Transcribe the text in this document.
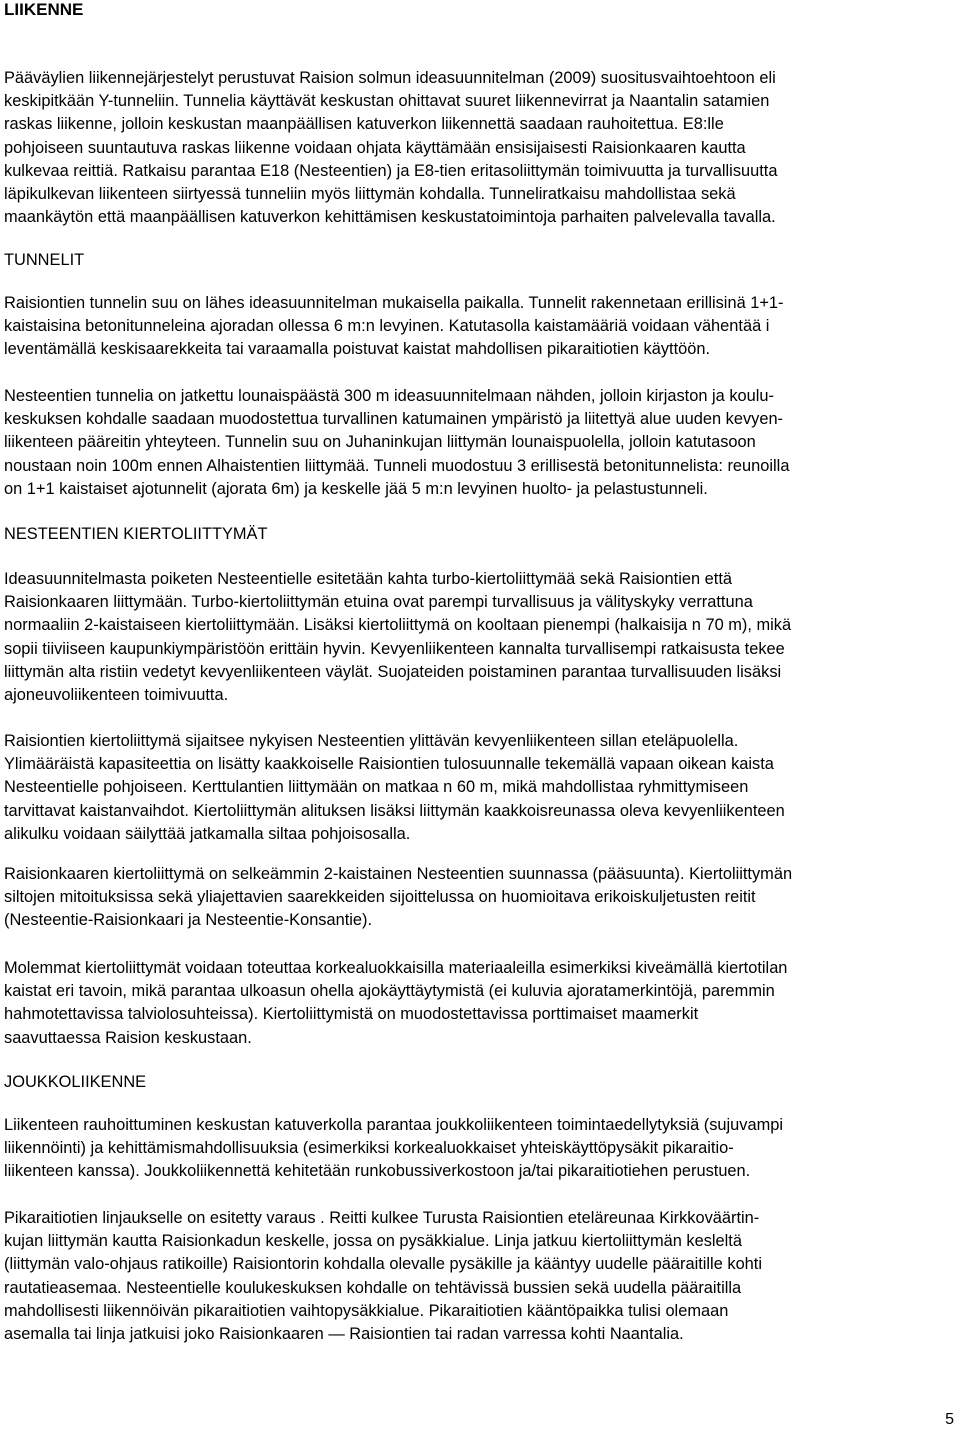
LIIKENNE
Pääväylien liikennejärjestelyt perustuvat Raision solmun ideasuunnitelman (2009) suositusvaihtoehtoon eli
keskipitkään Y-tunneliin. Tunnelia käyttävät keskustan ohittavat suuret liikennevirrat ja Naantalin satamien
raskas liikenne, jolloin keskustan maanpäällisen katuverkon liikennettä saadaan rauhoitettua. E8:lle
pohjoiseen suuntautuva raskas liikenne voidaan ohjata käyttämään ensisijaisesti Raisionkaaren kautta
kulkevaa reittiä. Ratkaisu parantaa E18 (Nesteentien) ja E8-tien eritasoliittymän toimivuutta ja turvallisuutta
läpikulkevan liikenteen siirtyessä tunneliin myös liittymän kohdalla. Tunneliratkaisu mahdollistaa sekä
maankäytön että maanpäällisen katuverkon kehittämisen keskustatoimintoja parhaiten palvelevalla tavalla.
TUNNELIT
Raisiontien tunnelin suu on lähes ideasuunnitelman mukaisella paikalla. Tunnelit rakennetaan erillisinä 1+1-
kaistaisina betonitunneleina ajoradan ollessa 6 m:n levyinen. Katutasolla kaistamääriä voidaan vähentää i
leventämällä keskisaarekkeita tai varaamalla poistuvat kaistat mahdollisen pikaraitiotien käyttöön.
Nesteentien tunnelia on jatkettu lounaispäästä 300 m ideasuunnitelmaan nähden, jolloin kirjaston ja koulu-
keskuksen kohdalle saadaan muodostettua turvallinen katumainen ympäristö ja liitettyä alue uuden kevyen-
liikenteen pääreitin yhteyteen. Tunnelin suu on Juhaninkujan liittymän lounaispuolella, jolloin katutasoon
noustaan noin 100m ennen Alhaistentien liittymää. Tunneli muodostuu 3 erillisestä betonitunnelista: reunoilla
on 1+1 kaistaiset ajotunnelit (ajorata 6m) ja keskelle jää 5 m:n levyinen huolto- ja pelastustunneli.
NESTEENTIEN KIERTOLIITTYMÄT
Ideasuunnitelmasta poiketen Nesteentielle esitetään kahta turbo-kiertoliittymää sekä Raisiontien että
Raisionkaaren liittymään. Turbo-kiertoliittymän etuina ovat parempi turvallisuus ja välityskyky verrattuna
normaaliin 2-kaistaiseen kiertoliittymään. Lisäksi kiertoliittymä on kooltaan pienempi (halkaisija n 70 m), mikä
sopii tiiviiseen kaupunkiympäristöön erittäin hyvin. Kevyenliikenteen kannalta turvallisempi ratkaisusta tekee
liittymän alta ristiin vedetyt kevyenliikenteen väylät. Suojateiden poistaminen parantaa turvallisuuden lisäksi
ajoneuvoliikenteen toimivuutta.
Raisiontien kiertoliittymä sijaitsee nykyisen Nesteentien ylittävän kevyenliikenteen sillan eteläpuolella.
Ylimääräistä kapasiteettia on lisätty kaakkoiselle Raisiontien tulosuunnalle tekemällä vapaan oikean kaista
Nesteentielle pohjoiseen. Kerttulantien liittymään on matkaa n 60 m, mikä mahdollistaa ryhmittymiseen
tarvittavat kaistanvaihdot. Kiertoliittymän alituksen lisäksi liittymän kaakkoisreunassa oleva kevyenliikenteen
alikulku voidaan säilyttää jatkamalla siltaa pohjoisosalla.
Raisionkaaren kiertoliittymä on selkeämmin 2-kaistainen Nesteentien suunnassa (pääsuunta). Kiertoliittymän
siltojen mitoituksissa sekä yliajettavien saarekkeiden sijoittelussa on huomioitava erikoiskuljetusten reitit
(Nesteentie-Raisionkaari ja Nesteentie-Konsantie).
Molemmat kiertoliittymät voidaan toteuttaa korkealuokkaisilla materiaaleilla esimerkiksi kiveämällä kiertotilan
kaistat eri tavoin, mikä parantaa ulkoasun ohella ajokäyttäytymistä (ei kuluvia ajoratamerkintöjä, paremmin
hahmotettavissa talviolosuhteissa). Kiertoliittymistä on muodostettavissa porttimaiset maamerkit
saavuttaessa Raision keskustaan.
JOUKKOLIIKENNE
Liikenteen rauhoittuminen keskustan katuverkolla parantaa joukkoliikenteen toimintaedellytyksiä (sujuvampi
liikennöinti) ja kehittämismahdollisuuksia (esimerkiksi korkealuokkaiset yhteiskäyttöpysäkit pikaraitio-
liikenteen kanssa). Joukkoliikennettä kehitetään runkobussiverkostoon ja/tai pikaraitiotiehen perustuen.
Pikaraitiotien linjaukselle on esitetty varaus . Reitti kulkee Turusta Raisiontien eteläreunaa Kirkkoväärtin-
kujan liittymän kautta Raisionkadun keskelle, jossa on pysäkkialue. Linja jatkuu kiertoliittymän kesleltä
(liittymän valo-ohjaus ratikoille) Raisiontorin kohdalla olevalle pysäkille ja kääntyy uudelle pääraitille kohti
rautatieasemaa. Nesteentielle koulukeskuksen kohdalle on tehtävissä bussien sekä uudella pääraitilla
mahdollisesti liikennöivän pikaraitiotien vaihtopysäkkialue. Pikaraitiotien kääntöpaikka tulisi olemaan
asemalla tai linja jatkuisi joko Raisionkaaren — Raisiontien tai radan varressa kohti Naantalia.
5
